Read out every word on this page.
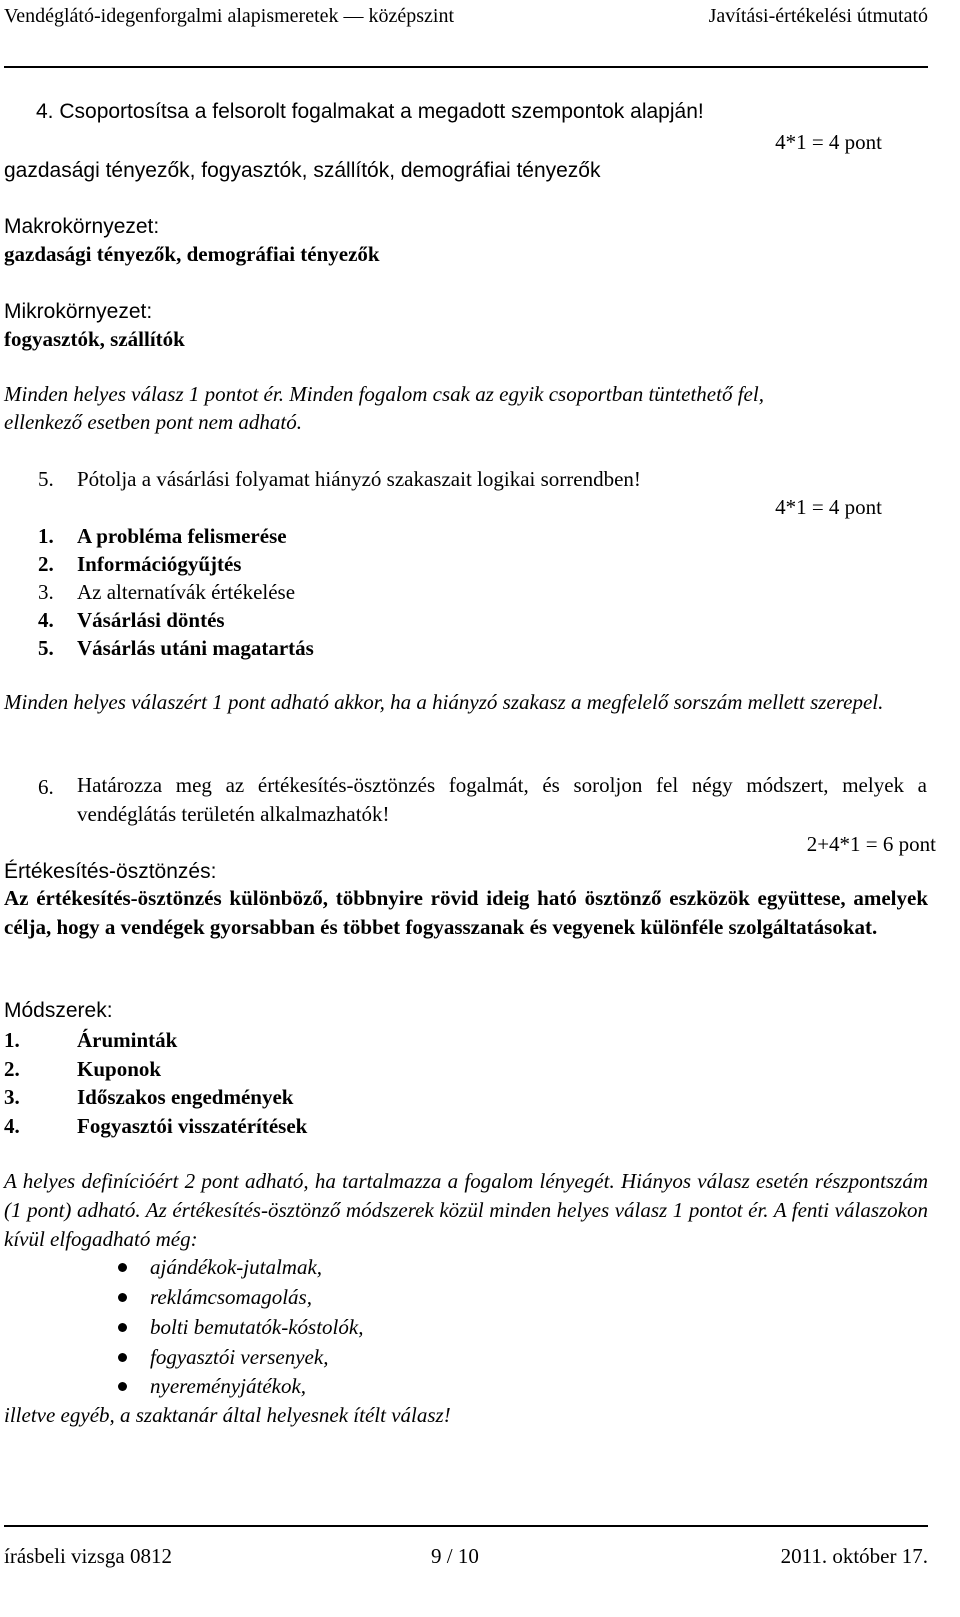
Vendéglátó-idegenforgalmi alapismeretek — középszint	Javítási-értékelési útmutató
4. Csoportosítsa a felsorolt fogalmakat a megadott szempontok alapján!
4*1 = 4 pont
gazdasági tényezők, fogyasztók, szállítók, demográfiai tényezők
Makrokörnyezet:
gazdasági tényezők, demográfiai tényezők
Mikrokörnyezet:
fogyasztók, szállítók
Minden helyes válasz 1 pontot ér. Minden fogalom csak az egyik csoportban tüntethető fel,
ellenkező esetben pont nem adható.
5. Pótolja a vásárlási folyamat hiányzó szakaszait logikai sorrendben!
4*1 = 4 pont
1. A probléma felismerése
2. Információgyűjtés
3. Az alternatívák értékelése
4. Vásárlási döntés
5. Vásárlás utáni magatartás
Minden helyes válaszért 1 pont adható akkor, ha a hiányzó szakasz a megfelelő sorszám mellett szerepel.
6. Határozza meg az értékesítés-ösztönzés fogalmát, és soroljon fel négy módszert, melyek a vendéglátás területén alkalmazhatók!
2+4*1 = 6 pont
Értékesítés-ösztönzés:
Az értékesítés-ösztönzés különböző, többnyire rövid ideig ható ösztönző eszközök együttese, amelyek célja, hogy a vendégek gyorsabban és többet fogyasszanak és vegyenek különféle szolgáltatásokat.
Módszerek:
1.	Áruminták
2.	Kuponok
3.	Időszakos engedmények
4.	Fogyasztói visszatérítések
A helyes definícióért 2 pont adható, ha tartalmazza a fogalom lényegét. Hiányos válasz esetén részpontszám (1 pont) adható. Az értékesítés-ösztönző módszerek közül minden helyes válasz 1 pontot ér. A fenti válaszokon kívül elfogadható még:
ajándékok-jutalmak,
reklámcsomagolás,
bolti bemutatók-kóstolók,
fogyasztói versenyek,
nyereményjátékok,
illetve egyéb, a szaktanár által helyesnek ítélt válasz!
írásbeli vizsga 0812	9 / 10	2011. október 17.
